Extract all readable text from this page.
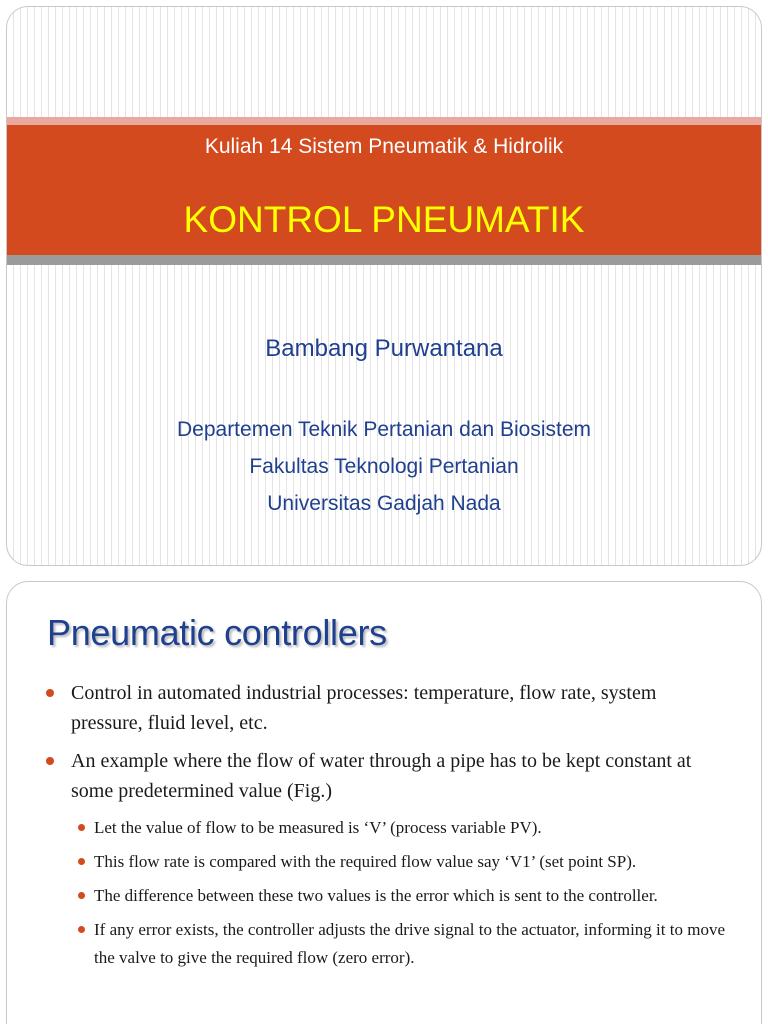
Kuliah 14 Sistem Pneumatik & Hidrolik
KONTROL PNEUMATIK
Bambang Purwantana
Departemen Teknik Pertanian dan Biosistem
Fakultas Teknologi Pertanian
Universitas Gadjah Nada
Pneumatic controllers
Control in automated industrial processes: temperature, flow rate, system pressure, fluid level, etc.
An example where the flow of water through a pipe has to be kept constant at some predetermined value (Fig.)
Let the value of flow to be measured is ‘V’ (process variable PV).
This flow rate is compared with the required flow value say ‘V1’ (set point SP).
The difference between these two values is the error which is sent to the controller.
If any error exists, the controller adjusts the drive signal to the actuator, informing it to move the valve to give the required flow (zero error).
